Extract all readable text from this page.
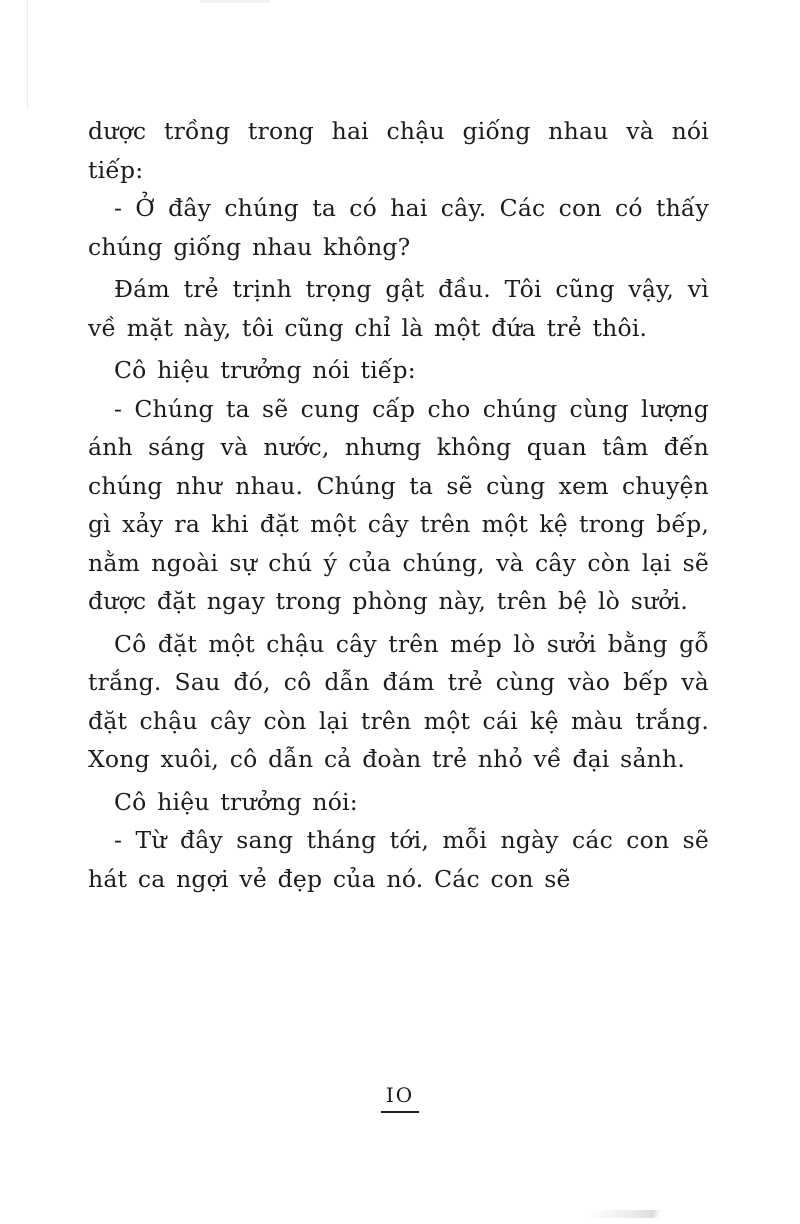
dược trồng trong hai chậu giống nhau và nói tiếp:

- Ở đây chúng ta có hai cây. Các con có thấy chúng giống nhau không?

Đám trẻ trịnh trọng gật đầu. Tôi cũng vậy, vì về mặt này, tôi cũng chỉ là một đứa trẻ thôi.

Cô hiệu trưởng nói tiếp:

- Chúng ta sẽ cung cấp cho chúng cùng lượng ánh sáng và nước, nhưng không quan tâm đến chúng như nhau. Chúng ta sẽ cùng xem chuyện gì xảy ra khi đặt một cây trên một kệ trong bếp, nằm ngoài sự chú ý của chúng, và cây còn lại sẽ được đặt ngay trong phòng này, trên bệ lò sưởi.

Cô đặt một chậu cây trên mép lò sưởi bằng gỗ trắng. Sau đó, cô dẫn đám trẻ cùng vào bếp và đặt chậu cây còn lại trên một cái kệ màu trắng. Xong xuôi, cô dẫn cả đoàn trẻ nhỏ về đại sảnh.

Cô hiệu trưởng nói:

- Từ đây sang tháng tới, mỗi ngày các con sẽ hát ca ngợi vẻ đẹp của nó. Các con sẽ

IO
